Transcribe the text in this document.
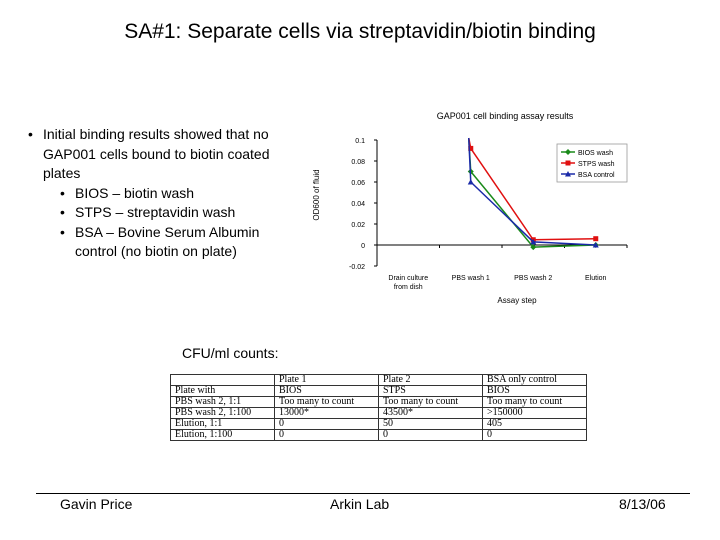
SA#1: Separate cells via streptavidin/biotin binding
• Initial binding results showed that no GAP001 cells bound to biotin coated plates
• BIOS – biotin wash
• STPS – streptavidin wash
• BSA – Bovine Serum Albumin control (no biotin on plate)
GAP001 cell binding assay results
-0.02
0
0.02
0.04
0.06
0.08
0.1
Drain culture
from dish
PBS wash 1	PBS wash 2	Elution
Assay step
OD600 of fluid
BIOS wash
STPS wash
BSA control
CFU/ml counts:
	Plate 1	Plate 2	BSA only control
Plate with	BIOS	STPS	BIOS
PBS wash 2, 1:1	Too many to count	Too many to count	Too many to count
PBS wash 2, 1:100	13000*	43500*	>150000
Elution, 1:1	0	50	405
Elution, 1:100	0	0	0
Gavin Price	Arkin Lab	8/13/06
